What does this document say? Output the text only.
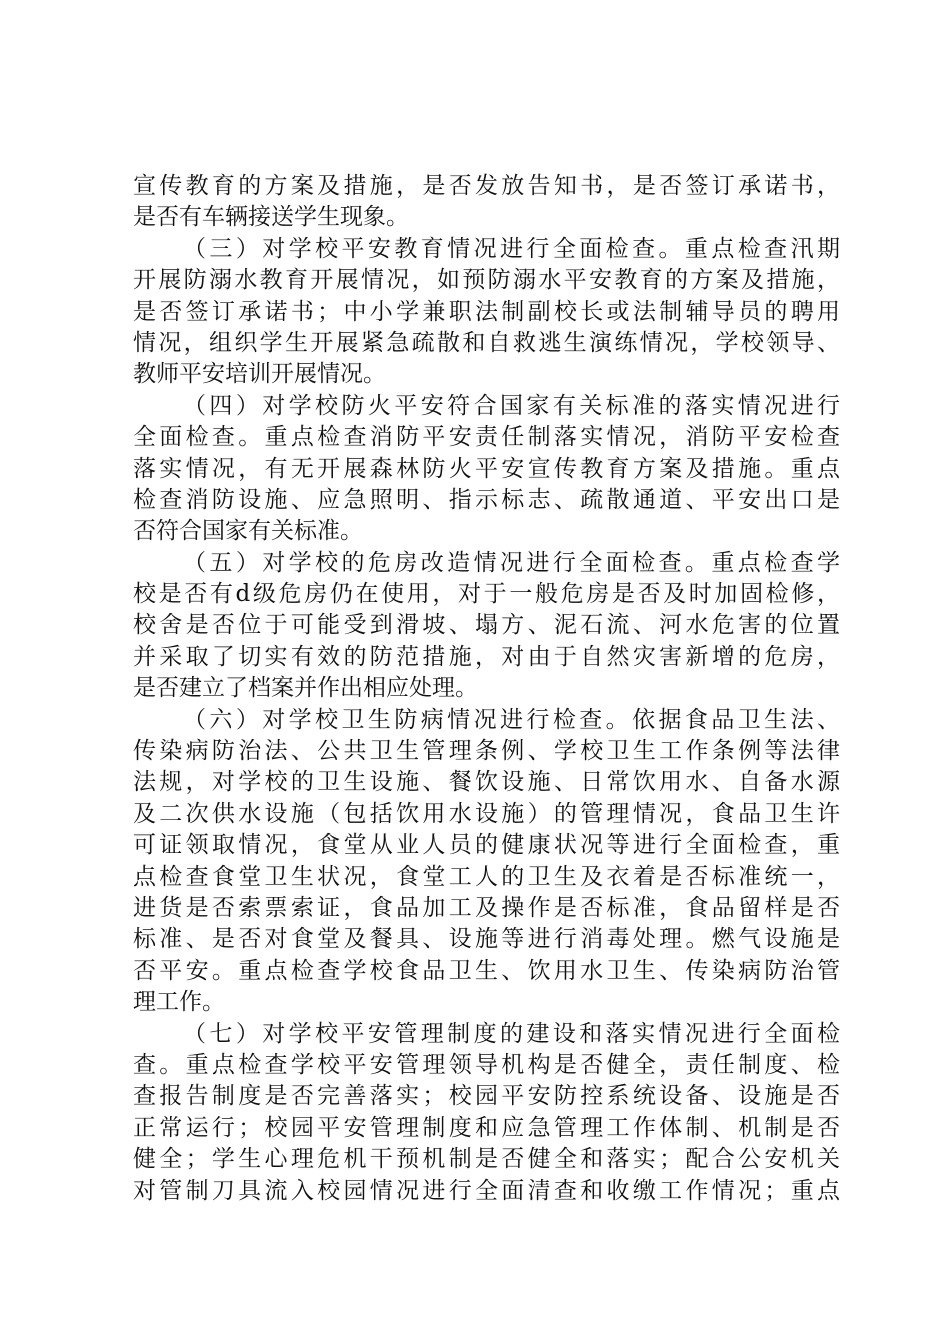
宣传教育的方案及措施，是否发放告知书，是否签订承诺书，
是否有车辆接送学生现象。
（三）对学校平安教育情况进行全面检查。重点检查汛期
开展防溺水教育开展情况，如预防溺水平安教育的方案及措施，
是否签订承诺书；中小学兼职法制副校长或法制辅导员的聘用
情况，组织学生开展紧急疏散和自救逃生演练情况，学校领导、
教师平安培训开展情况。
（四）对学校防火平安符合国家有关标准的落实情况进行
全面检查。重点检查消防平安责任制落实情况，消防平安检查
落实情况，有无开展森林防火平安宣传教育方案及措施。重点
检查消防设施、应急照明、指示标志、疏散通道、平安出口是
否符合国家有关标准。
（五）对学校的危房改造情况进行全面检查。重点检查学
校是否有d级危房仍在使用，对于一般危房是否及时加固检修，
校舍是否位于可能受到滑坡、塌方、泥石流、河水危害的位置
并采取了切实有效的防范措施，对由于自然灾害新增的危房，
是否建立了档案并作出相应处理。
（六）对学校卫生防病情况进行检查。依据食品卫生法、
传染病防治法、公共卫生管理条例、学校卫生工作条例等法律
法规，对学校的卫生设施、餐饮设施、日常饮用水、自备水源
及二次供水设施（包括饮用水设施）的管理情况，食品卫生许
可证领取情况，食堂从业人员的健康状况等进行全面检查，重
点检查食堂卫生状况，食堂工人的卫生及衣着是否标准统一，
进货是否索票索证，食品加工及操作是否标准，食品留样是否
标准、是否对食堂及餐具、设施等进行消毒处理。燃气设施是
否平安。重点检查学校食品卫生、饮用水卫生、传染病防治管
理工作。
（七）对学校平安管理制度的建设和落实情况进行全面检
查。重点检查学校平安管理领导机构是否健全，责任制度、检
查报告制度是否完善落实；校园平安防控系统设备、设施是否
正常运行；校园平安管理制度和应急管理工作体制、机制是否
健全；学生心理危机干预机制是否健全和落实；配合公安机关
对管制刀具流入校园情况进行全面清查和收缴工作情况；重点
